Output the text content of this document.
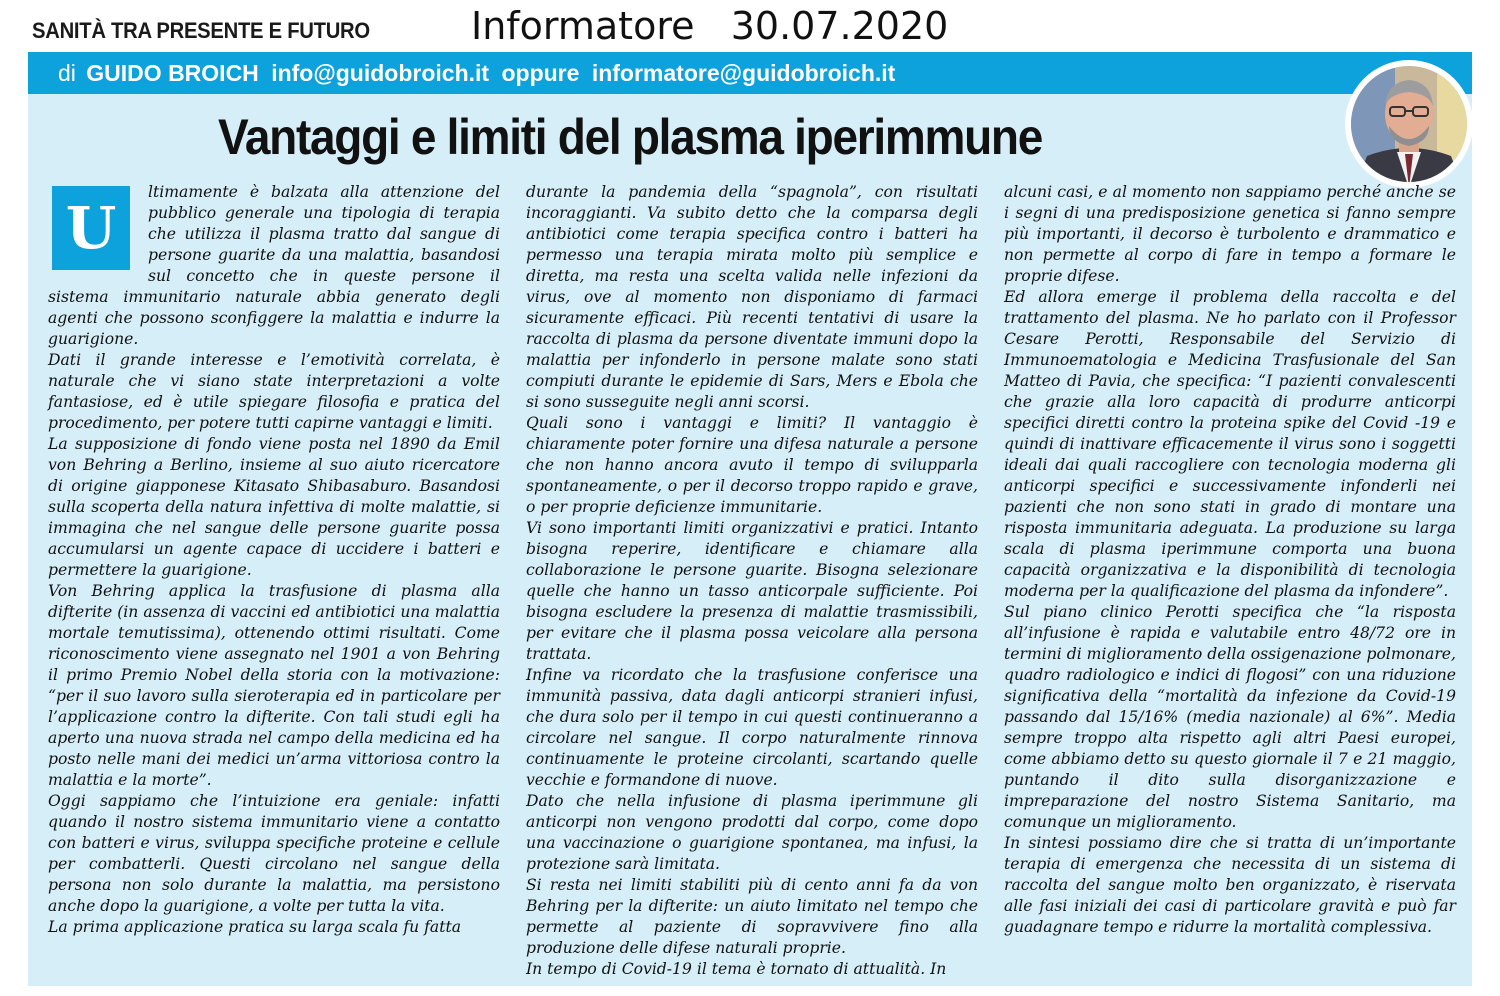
SANITÀ TRA PRESENTE E FUTURO	Informatore   30.07.2020
di GUIDO BROICH info@guidobroich.it oppure informatore@guidobroich.it
Vantaggi e limiti del plasma iperimmune
U

ltimamente è balzata alla attenzione del pubblico generale una tipologia di terapia che utilizza il plasma tratto dal sangue di persone guarite da una malattia, basandosi sul concetto che in queste persone il sistema immunitario naturale abbia generato degli agenti che possono sconfiggere la malattia e indurre la guarigione.

Dati il grande interesse e l’emotività correlata, è naturale che vi siano state interpretazioni a volte fantasiose, ed è utile spiegare filosofia e pratica del procedimento, per potere tutti capirne vantaggi e limiti.

La supposizione di fondo viene posta nel 1890 da Emil von Behring a Berlino, insieme al suo aiuto ricercatore di origine giapponese Kitasato Shibasaburo. Basandosi sulla scoperta della natura infettiva di molte malattie, si immagina che nel sangue delle persone guarite possa accumularsi un agente capace di uccidere i batteri e permettere la guarigione.

Von Behring applica la trasfusione di plasma alla difterite (in assenza di vaccini ed antibiotici una malattia mortale temutissima), ottenendo ottimi risultati. Come riconoscimento viene assegnato nel 1901 a von Behring il primo Premio Nobel della storia con la motivazione: “per il suo lavoro sulla sieroterapia ed in particolare per l’applicazione contro la difterite. Con tali studi egli ha aperto una nuova strada nel campo della medicina ed ha posto nelle mani dei medici un’arma vittoriosa contro la malattia e la morte”.

Oggi sappiamo che l’intuizione era geniale: infatti quando il nostro sistema immunitario viene a contatto con batteri e virus, sviluppa specifiche proteine e cellule per combatterli. Questi circolano nel sangue della persona non solo durante la malattia, ma persistono anche dopo la guarigione, a volte per tutta la vita.

La prima applicazione pratica su larga scala fu fatta

durante la pandemia della “spagnola”, con risultati incoraggianti. Va subito detto che la comparsa degli antibiotici come terapia specifica contro i batteri ha permesso una terapia mirata molto più semplice e diretta, ma resta una scelta valida nelle infezioni da virus, ove al momento non disponiamo di farmaci sicuramente efficaci. Più recenti tentativi di usare la raccolta di plasma da persone diventate immuni dopo la malattia per infonderlo in persone malate sono stati compiuti durante le epidemie di Sars, Mers e Ebola che si sono susseguite negli anni scorsi.

Quali sono i vantaggi e limiti? Il vantaggio è chiaramente poter fornire una difesa naturale a persone che non hanno ancora avuto il tempo di svilupparla spontaneamente, o per il decorso troppo rapido e grave, o per proprie deficienze immunitarie.

Vi sono importanti limiti organizzativi e pratici. Intanto bisogna reperire, identificare e chiamare alla collaborazione le persone guarite. Bisogna selezionare quelle che hanno un tasso anticorpale sufficiente. Poi bisogna escludere la presenza di malattie trasmissibili, per evitare che il plasma possa veicolare alla persona trattata.

Infine va ricordato che la trasfusione conferisce una immunità passiva, data dagli anticorpi stranieri infusi, che dura solo per il tempo in cui questi continueranno a circolare nel sangue. Il corpo naturalmente rinnova continuamente le proteine circolanti, scartando quelle vecchie e formandone di nuove.

Dato che nella infusione di plasma iperimmune gli anticorpi non vengono prodotti dal corpo, come dopo una vaccinazione o guarigione spontanea, ma infusi, la protezione sarà limitata.

Si resta nei limiti stabiliti più di cento anni fa da von Behring per la difterite: un aiuto limitato nel tempo che permette al paziente di sopravvivere fino alla produzione delle difese naturali proprie.

In tempo di Covid-19 il tema è tornato di attualità. In

alcuni casi, e al momento non sappiamo perché anche se i segni di una predisposizione genetica si fanno sempre più importanti, il decorso è turbolento e drammatico e non permette al corpo di fare in tempo a formare le proprie difese.

Ed allora emerge il problema della raccolta e del trattamento del plasma. Ne ho parlato con il Professor Cesare Perotti, Responsabile del Servizio di Immunoematologia e Medicina Trasfusionale del San Matteo di Pavia, che specifica: “I pazienti convalescenti che grazie alla loro capacità di produrre anticorpi specifici diretti contro la proteina spike del Covid -19 e quindi di inattivare efficacemente il virus sono i soggetti ideali dai quali raccogliere con tecnologia moderna gli anticorpi specifici e successivamente infonderli nei pazienti che non sono stati in grado di montare una risposta immunitaria adeguata. La produzione su larga scala di plasma iperimmune comporta una buona capacità organizzativa e la disponibilità di tecnologia moderna per la qualificazione del plasma da infondere”.

Sul piano clinico Perotti specifica che “la risposta all’infusione è rapida e valutabile entro 48/72 ore in termini di miglioramento della ossigenazione polmonare, quadro radiologico e indici di flogosi” con una riduzione significativa della “mortalità da infezione da Covid-19 passando dal 15/16% (media nazionale) al 6%”. Media sempre troppo alta rispetto agli altri Paesi europei, come abbiamo detto su questo giornale il 7 e 21 maggio, puntando il dito sulla disorganizzazione e impreparazione del nostro Sistema Sanitario, ma comunque un miglioramento.

In sintesi possiamo dire che si tratta di un’importante terapia di emergenza che necessita di un sistema di raccolta del sangue molto ben organizzato, è riservata alle fasi iniziali dei casi di particolare gravità e può far guadagnare tempo e ridurre la mortalità complessiva.
